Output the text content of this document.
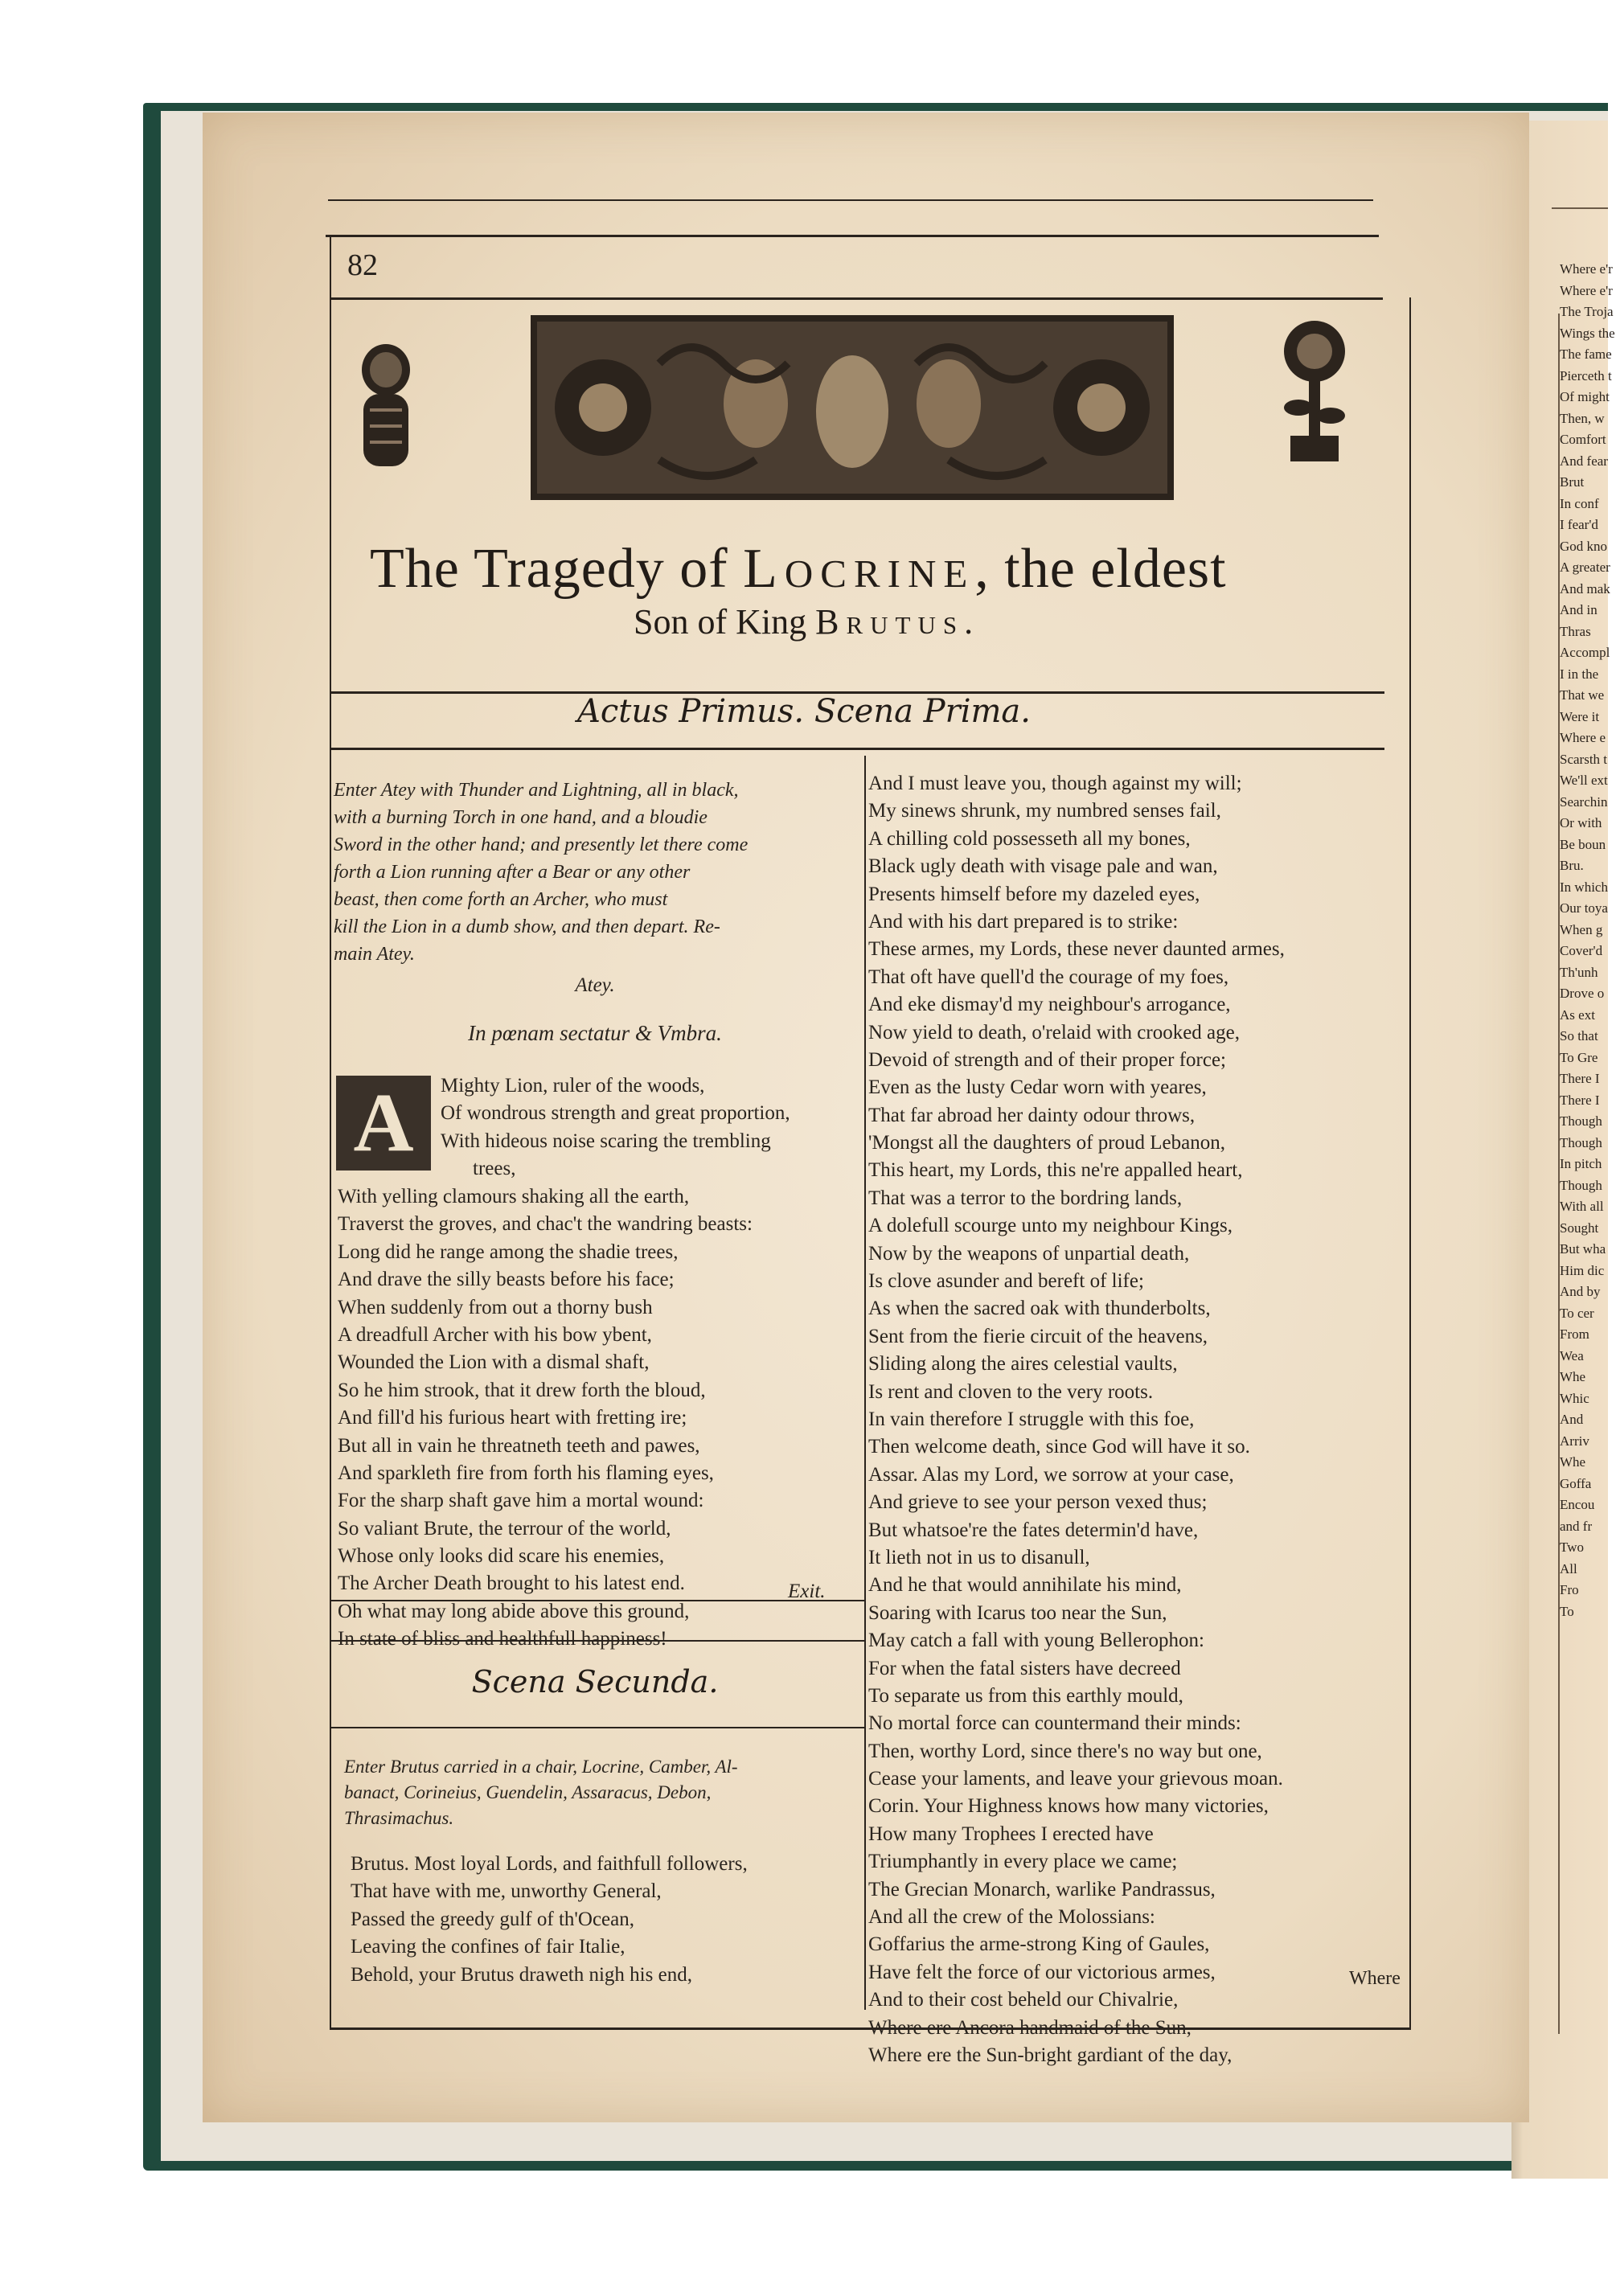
Where e'r
Where e'r
The Troja
Wings the
The fame
Pierceth t
Of might
Then, w
Comfort
And fear
Brut
In conf
I fear'd
God kno
A greater
And mak
And in
Thras
Accompl
I in the
That we
Were it
Where e
Scarsth t
We'll ext
Searchin
Or with
Be boun
Bru.
In which
Our toya
When g
Cover'd
Th'unh
Drove o
As ext
So that
To Gre
There I
There I
Though
Though
In pitch
Though
With all
Sought
But wha
Him dic
And by
To cer
From
Wea
Whe
Whic
And
Arriv
Whe
Goffa
Encou
and fr
Two
All
Fro
To
82
The Tragedy of Locrine, the eldest
Son of King Brutus.
Actus Primus. Scena Prima.
Enter Atey with Thunder and Lightning, all in black,
with a burning Torch in one hand, and a bloudie
Sword in the other hand; and presently let there come
forth a Lion running after a Bear or any other
beast, then come forth an Archer, who must
kill the Lion in a dumb show, and then depart. Re-
main Atey.
Atey.
In pœnam sectatur & Vmbra.
A	Mighty Lion, ruler of the woods,
Of wondrous strength and great proportion,
With hideous noise scaring the trembling
trees,
With yelling clamours shaking all the earth,
Traverst the groves, and chac't the wandring beasts:
Long did he range among the shadie trees,
And drave the silly beasts before his face;
When suddenly from out a thorny bush
A dreadfull Archer with his bow ybent,
Wounded the Lion with a dismal shaft,
So he him strook, that it drew forth the bloud,
And fill'd his furious heart with fretting ire;
But all in vain he threatneth teeth and pawes,
And sparkleth fire from forth his flaming eyes,
For the sharp shaft gave him a mortal wound:
So valiant Brute, the terrour of the world,
Whose only looks did scare his enemies,
The Archer Death brought to his latest end.
Oh what may long abide above this ground,
In state of bliss and healthfull happiness!
Exit.
Scena Secunda.
Enter Brutus carried in a chair, Locrine, Camber, Al-
banact, Corineius, Guendelin, Assaracus, Debon,
Thrasimachus.
Brutus. Most loyal Lords, and faithfull followers,
That have with me, unworthy General,
Passed the greedy gulf of th'Ocean,
Leaving the confines of fair Italie,
Behold, your Brutus draweth nigh his end,
And I must leave you, though against my will;
My sinews shrunk, my numbred senses fail,
A chilling cold possesseth all my bones,
Black ugly death with visage pale and wan,
Presents himself before my dazeled eyes,
And with his dart prepared is to strike:
These armes, my Lords, these never daunted armes,
That oft have quell'd the courage of my foes,
And eke dismay'd my neighbour's arrogance,
Now yield to death, o'relaid with crooked age,
Devoid of strength and of their proper force;
Even as the lusty Cedar worn with yeares,
That far abroad her dainty odour throws,
'Mongst all the daughters of proud Lebanon,
This heart, my Lords, this ne're appalled heart,
That was a terror to the bordring lands,
A dolefull scourge unto my neighbour Kings,
Now by the weapons of unpartial death,
Is clove asunder and bereft of life;
As when the sacred oak with thunderbolts,
Sent from the fierie circuit of the heavens,
Sliding along the aires celestial vaults,
Is rent and cloven to the very roots.
In vain therefore I struggle with this foe,
Then welcome death, since God will have it so.
Assar. Alas my Lord, we sorrow at your case,
And grieve to see your person vexed thus;
But whatsoe're the fates determin'd have,
It lieth not in us to disanull,
And he that would annihilate his mind,
Soaring with Icarus too near the Sun,
May catch a fall with young Bellerophon:
For when the fatal sisters have decreed
To separate us from this earthly mould,
No mortal force can countermand their minds:
Then, worthy Lord, since there's no way but one,
Cease your laments, and leave your grievous moan.
Corin. Your Highness knows how many victories,
How many Trophees I erected have
Triumphantly in every place we came;
The Grecian Monarch, warlike Pandrassus,
And all the crew of the Molossians:
Goffarius the arme-strong King of Gaules,
Have felt the force of our victorious armes,
And to their cost beheld our Chivalrie,
Where ere Ancora handmaid of the Sun,
Where ere the Sun-bright gardiant of the day,
Where
